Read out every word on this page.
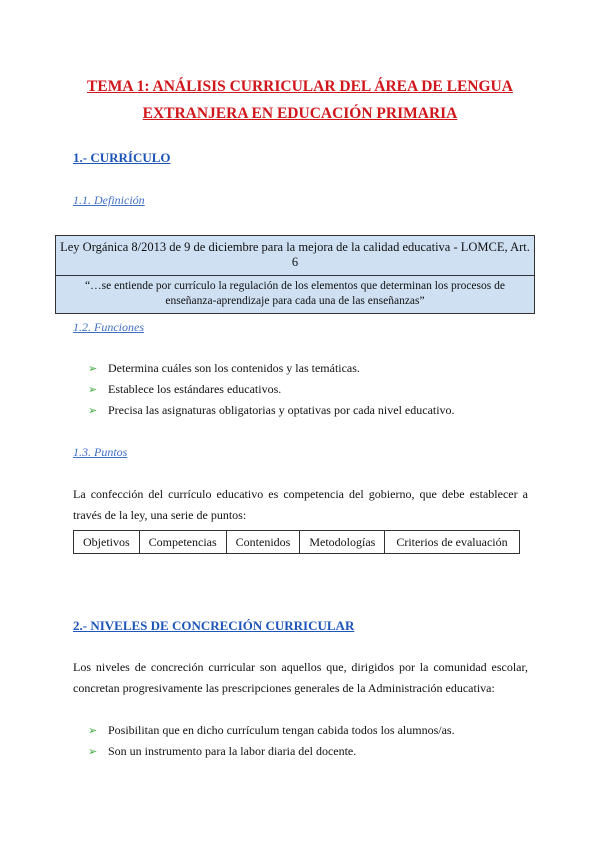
TEMA 1: ANÁLISIS CURRICULAR DEL ÁREA DE LENGUA
EXTRANJERA EN EDUCACIÓN PRIMARIA
1.- CURRÍCULO
1.1. Definición
Ley Orgánica 8/2013 de 9 de diciembre para la mejora de la calidad educativa - LOMCE, Art. 6
“…se entiende por currículo la regulación de los elementos que determinan los procesos de enseñanza-aprendizaje para cada una de las enseñanzas”
1.2. Funciones
➢ Determina cuáles son los contenidos y las temáticas.
➢ Establece los estándares educativos.
➢ Precisa las asignaturas obligatorias y optativas por cada nivel educativo.
1.3. Puntos
La confección del currículo educativo es competencia del gobierno, que debe establecer a través de la ley, una serie de puntos:
Objetivos	Competencias	Contenidos	Metodologías	Criterios de evaluación
2.- NIVELES DE CONCRECIÓN CURRICULAR
Los niveles de concreción curricular son aquellos que, dirigidos por la comunidad escolar, concretan progresivamente las prescripciones generales de la Administración educativa:
➢ Posibilitan que en dicho currículum tengan cabida todos los alumnos/as.
➢ Son un instrumento para la labor diaria del docente.
